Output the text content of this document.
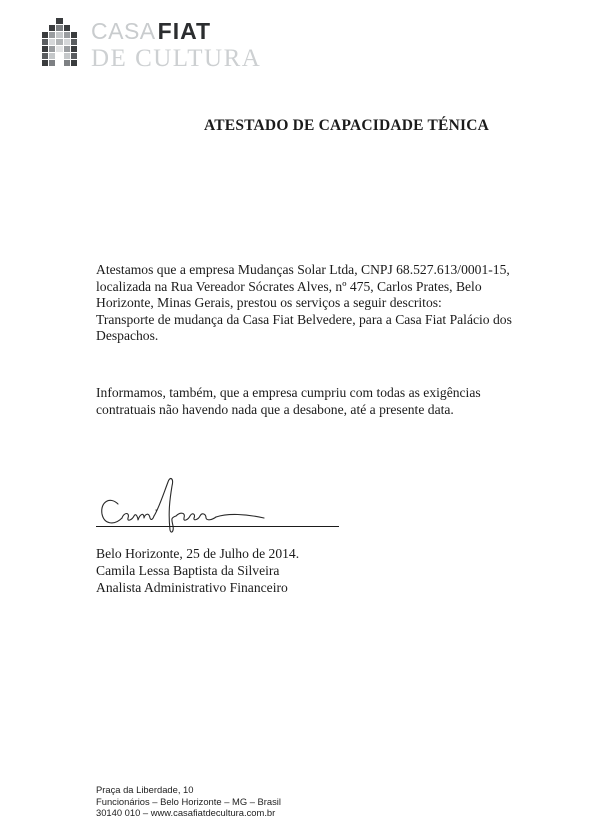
CASAFIAT
DE CULTURA
ATESTADO DE CAPACIDADE TÉNICA
Atestamos que a empresa Mudanças Solar Ltda, CNPJ 68.527.613/0001-15,
localizada na Rua Vereador Sócrates Alves, nº 475, Carlos Prates, Belo
Horizonte, Minas Gerais, prestou os serviços a seguir descritos:
Transporte de mudança da Casa Fiat Belvedere, para a Casa Fiat Palácio dos
Despachos.
Informamos, também, que a empresa cumpriu com todas as exigências
contratuais não havendo nada que a desabone, até a presente data.
Belo Horizonte, 25 de Julho de 2014.
Camila Lessa Baptista da Silveira
Analista Administrativo Financeiro
Praça da Liberdade, 10
Funcionários – Belo Horizonte – MG – Brasil
30140 010 – www.casafiatdecultura.com.br
